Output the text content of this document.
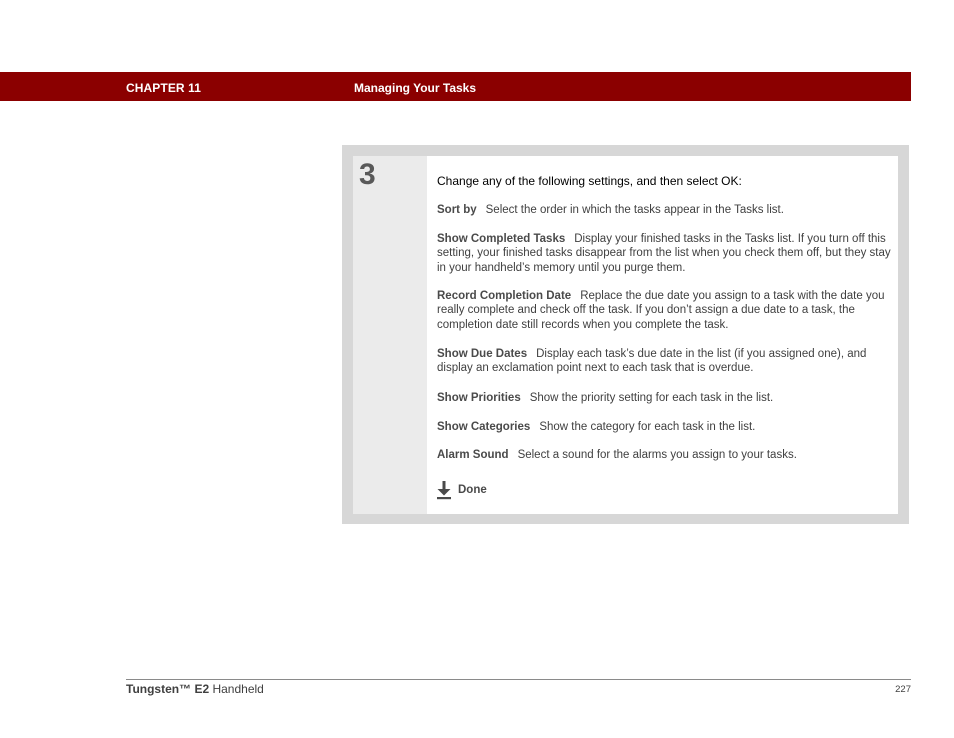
CHAPTER 11	Managing Your Tasks
3	Change any of the following settings, and then select OK:
Sort by Select the order in which the tasks appear in the Tasks list.
Show Completed Tasks Display your finished tasks in the Tasks list. If you turn off this setting, your finished tasks disappear from the list when you check them off, but they stay in your handheld’s memory until you purge them.
Record Completion Date Replace the due date you assign to a task with the date you really complete and check off the task. If you don’t assign a due date to a task, the completion date still records when you complete the task.
Show Due Dates Display each task’s due date in the list (if you assigned one), and display an exclamation point next to each task that is overdue.
Show Priorities Show the priority setting for each task in the list.
Show Categories Show the category for each task in the list.
Alarm Sound Select a sound for the alarms you assign to your tasks.
Done
Tungsten™ E2 Handheld	227
